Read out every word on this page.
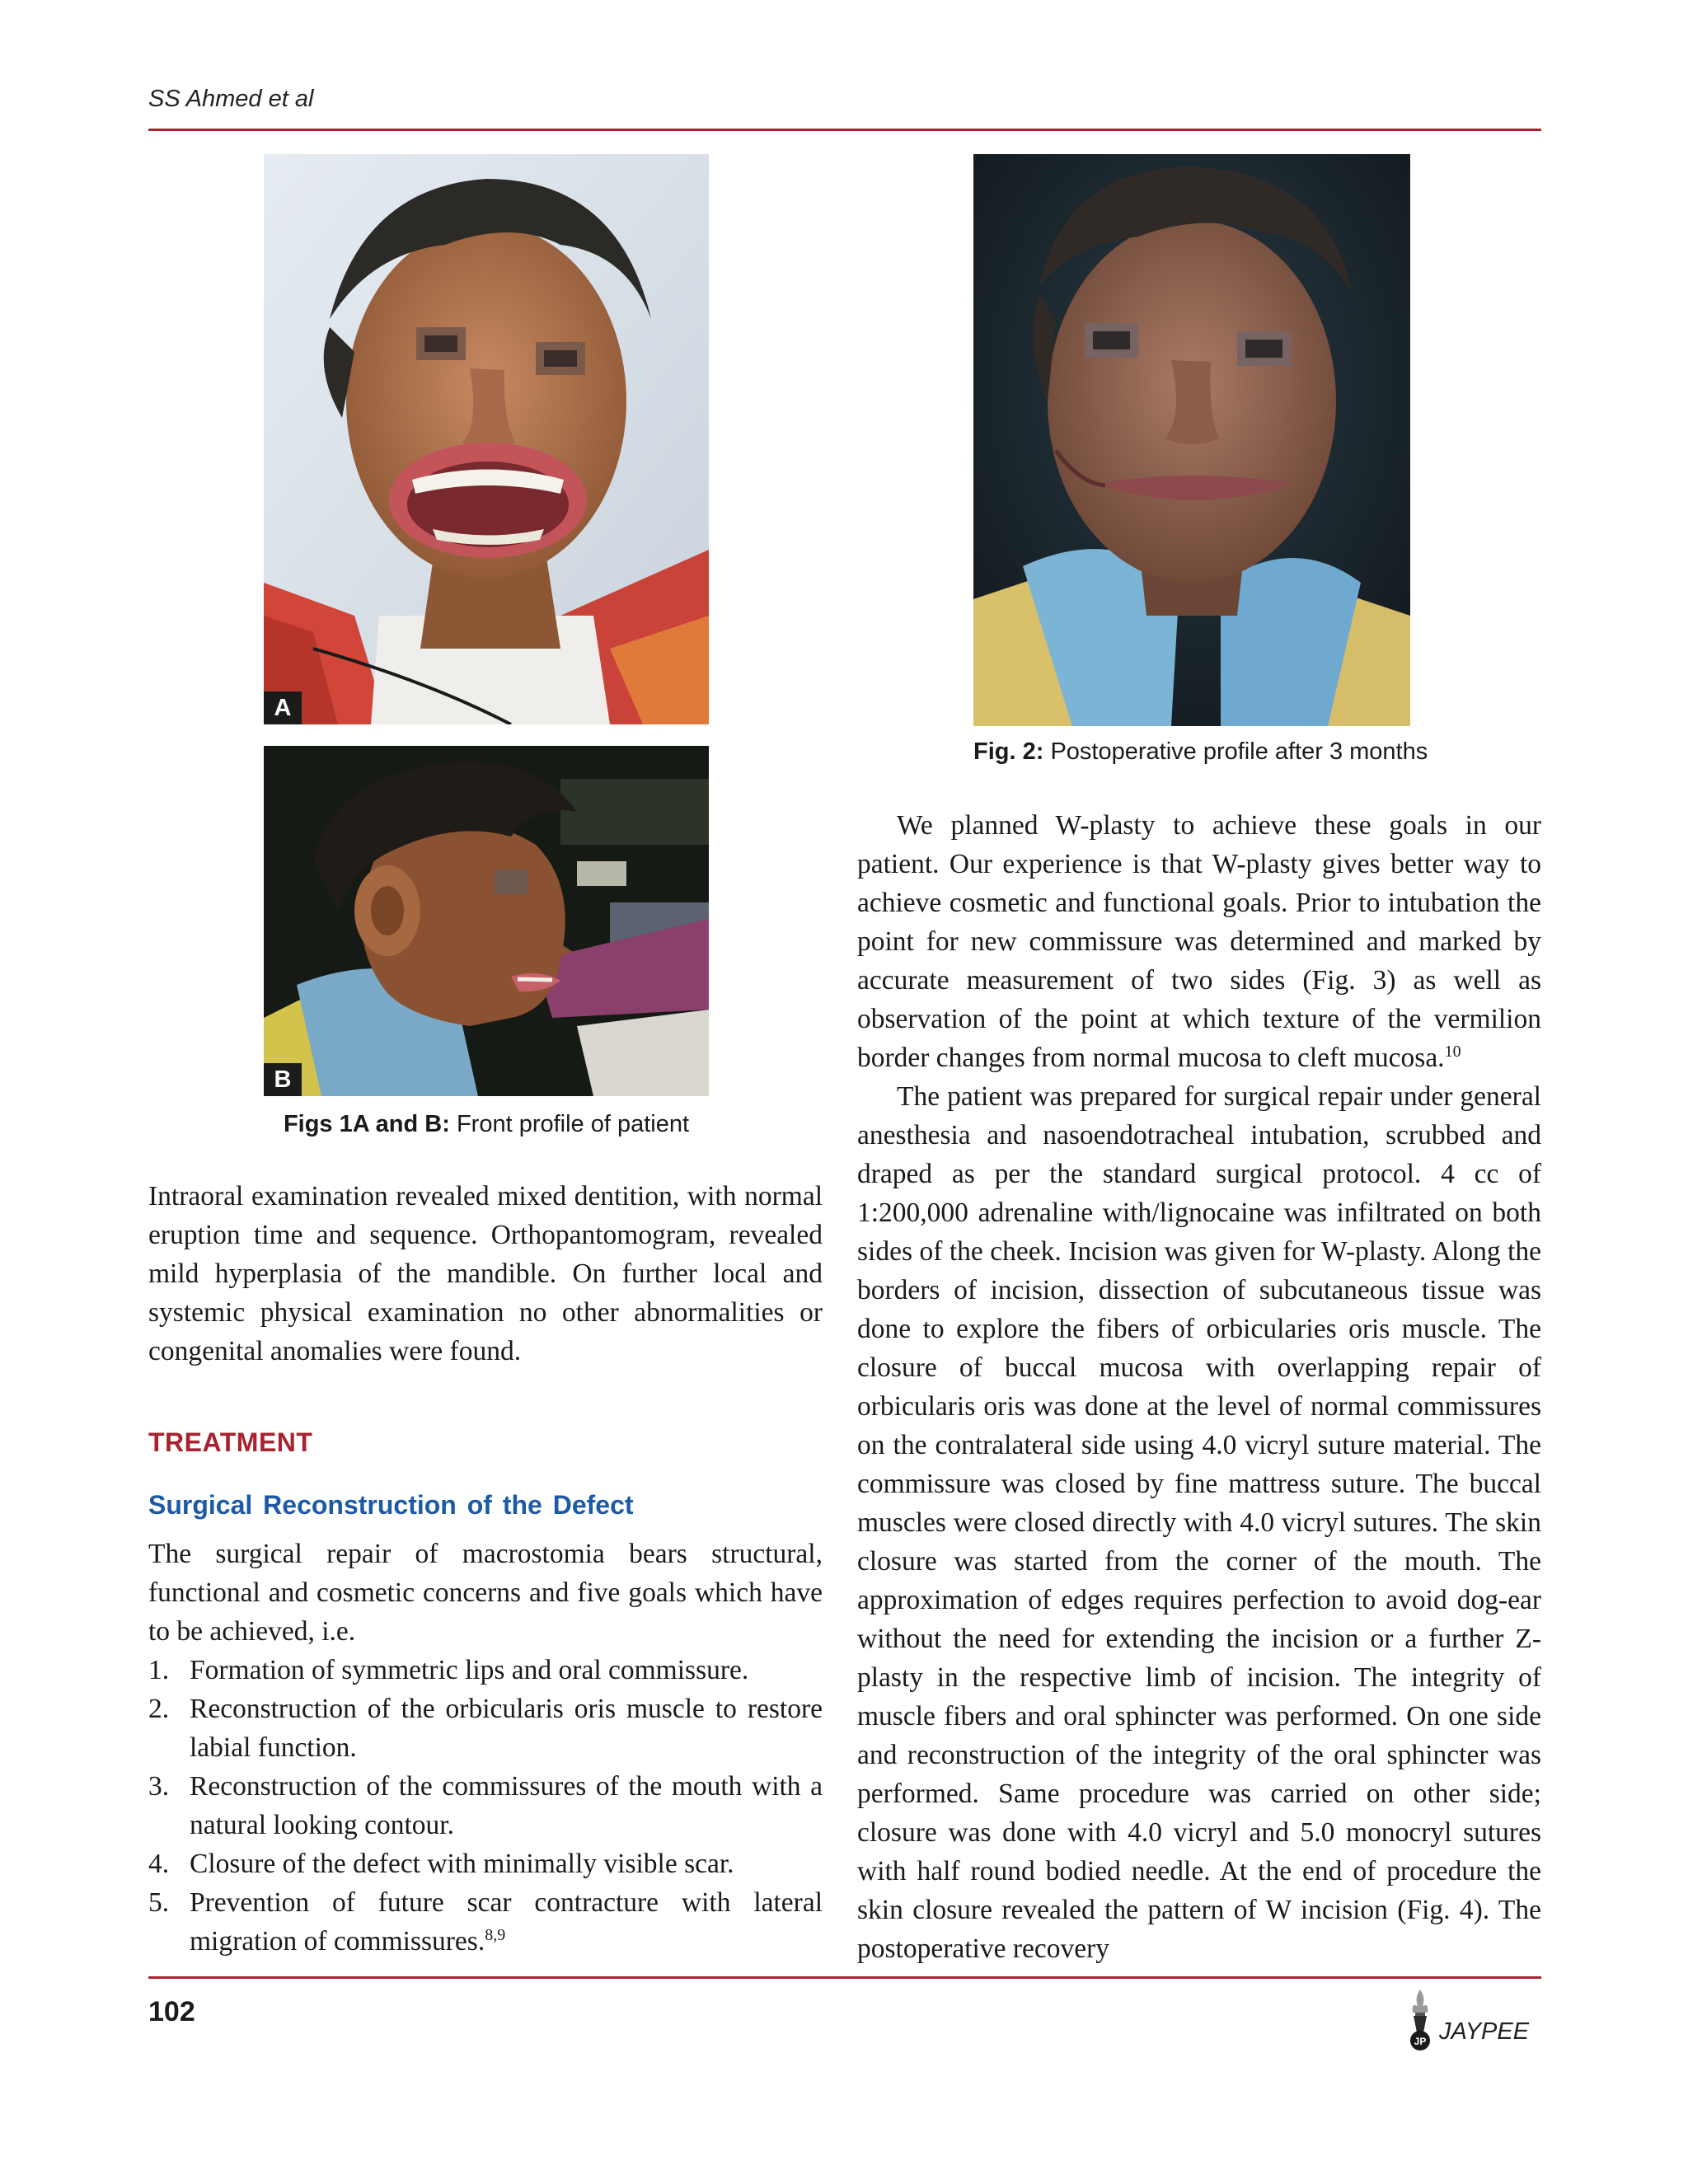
SS Ahmed et al
A
B
Figs 1A and B: Front profile of patient
Fig. 2: Postoperative profile after 3 months

Intraoral examination revealed mixed dentition, with normal eruption time and sequence. Orthopantomogram, revealed mild hyperplasia of the mandible. On further local and systemic physical examination no other abnormalities or congenital anomalies were found.

TREATMENT
Surgical Reconstruction of the Defect

The surgical repair of macrostomia bears structural, functional and cosmetic concerns and five goals which have to be achieved, i.e.

1. Formation of symmetric lips and oral commissure.
2. Reconstruction of the orbicularis oris muscle to restore labial function.
3. Reconstruction of the commissures of the mouth with a natural looking contour.
4. Closure of the defect with minimally visible scar.
5. Prevention of future scar contracture with lateral migration of commissures.$^{8,9}$

We planned W-plasty to achieve these goals in our patient. Our experience is that W-plasty gives better way to achieve cosmetic and functional goals. Prior to intubation the point for new commissure was determined and marked by accurate measurement of two sides (Fig. 3) as well as observation of the point at which texture of the vermilion border changes from normal mucosa to cleft mucosa.$^{10}$

The patient was prepared for surgical repair under general anesthesia and nasoendotracheal intubation, scrubbed and draped as per the standard surgical protocol. 4 cc of 1:200,000 adrenaline with/lignocaine was infiltrated on both sides of the cheek. Incision was given for W-plasty. Along the borders of incision, dissection of subcutaneous tissue was done to explore the fibers of orbicularies oris muscle. The closure of buccal mucosa with overlapping repair of orbicularis oris was done at the level of normal commissures on the contralateral side using 4.0 vicryl suture material. The commissure was closed by fine mattress suture. The buccal muscles were closed directly with 4.0 vicryl sutures. The skin closure was started from the corner of the mouth. The approximation of edges requires perfection to avoid dog-ear without the need for extending the incision or a further Z-plasty in the respective limb of incision. The integrity of muscle fibers and oral sphincter was performed. On one side and reconstruction of the integrity of the oral sphincter was performed. Same procedure was carried on other side; closure was done with 4.0 vicryl and 5.0 monocryl sutures with half round bodied needle. At the end of procedure the skin closure revealed the pattern of W incision (Fig. 4). The postoperative recovery

102
JP JAYPEE
